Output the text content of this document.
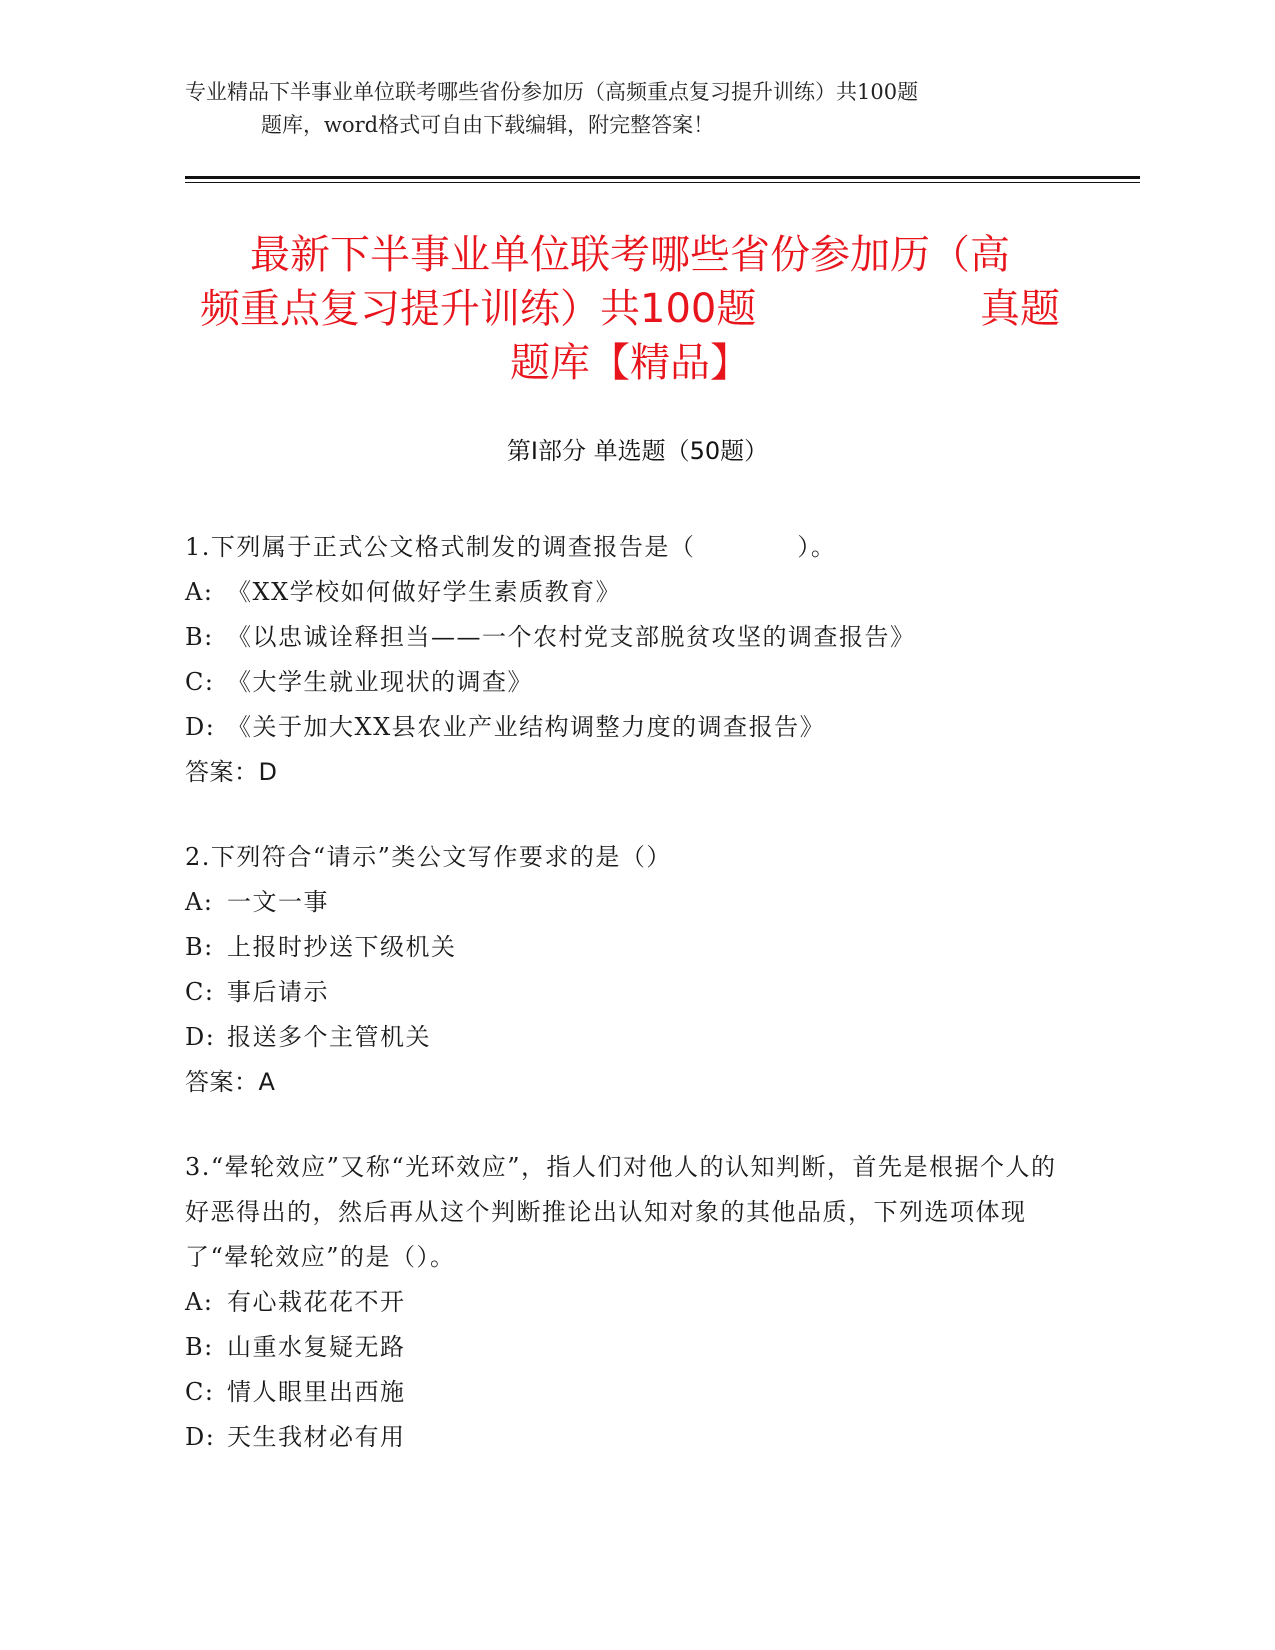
专业精品下半事业单位联考哪些省份参加历（高频重点复习提升训练）共100题
题库，word格式可自由下载编辑，附完整答案！
最新下半事业单位联考哪些省份参加历（高
频重点复习提升训练）共100题	真题
题库【精品】
第Ⅰ部分 单选题（50题）
1.下列属于正式公文格式制发的调查报告是（　　　　）。
A: 《XX学校如何做好学生素质教育》
B: 《以忠诚诠释担当——一个农村党支部脱贫攻坚的调查报告》
C: 《大学生就业现状的调查》
D: 《关于加大XX县农业产业结构调整力度的调查报告》
答案：D
2.下列符合“请示”类公文写作要求的是（）
A: 一文一事
B: 上报时抄送下级机关
C: 事后请示
D: 报送多个主管机关
答案：A
3.“晕轮效应”又称“光环效应”，指人们对他人的认知判断，首先是根据个人的好恶得出的，然后再从这个判断推论出认知对象的其他品质，下列选项体现了“晕轮效应”的是（）。
A: 有心栽花花不开
B: 山重水复疑无路
C: 情人眼里出西施
D: 天生我材必有用
